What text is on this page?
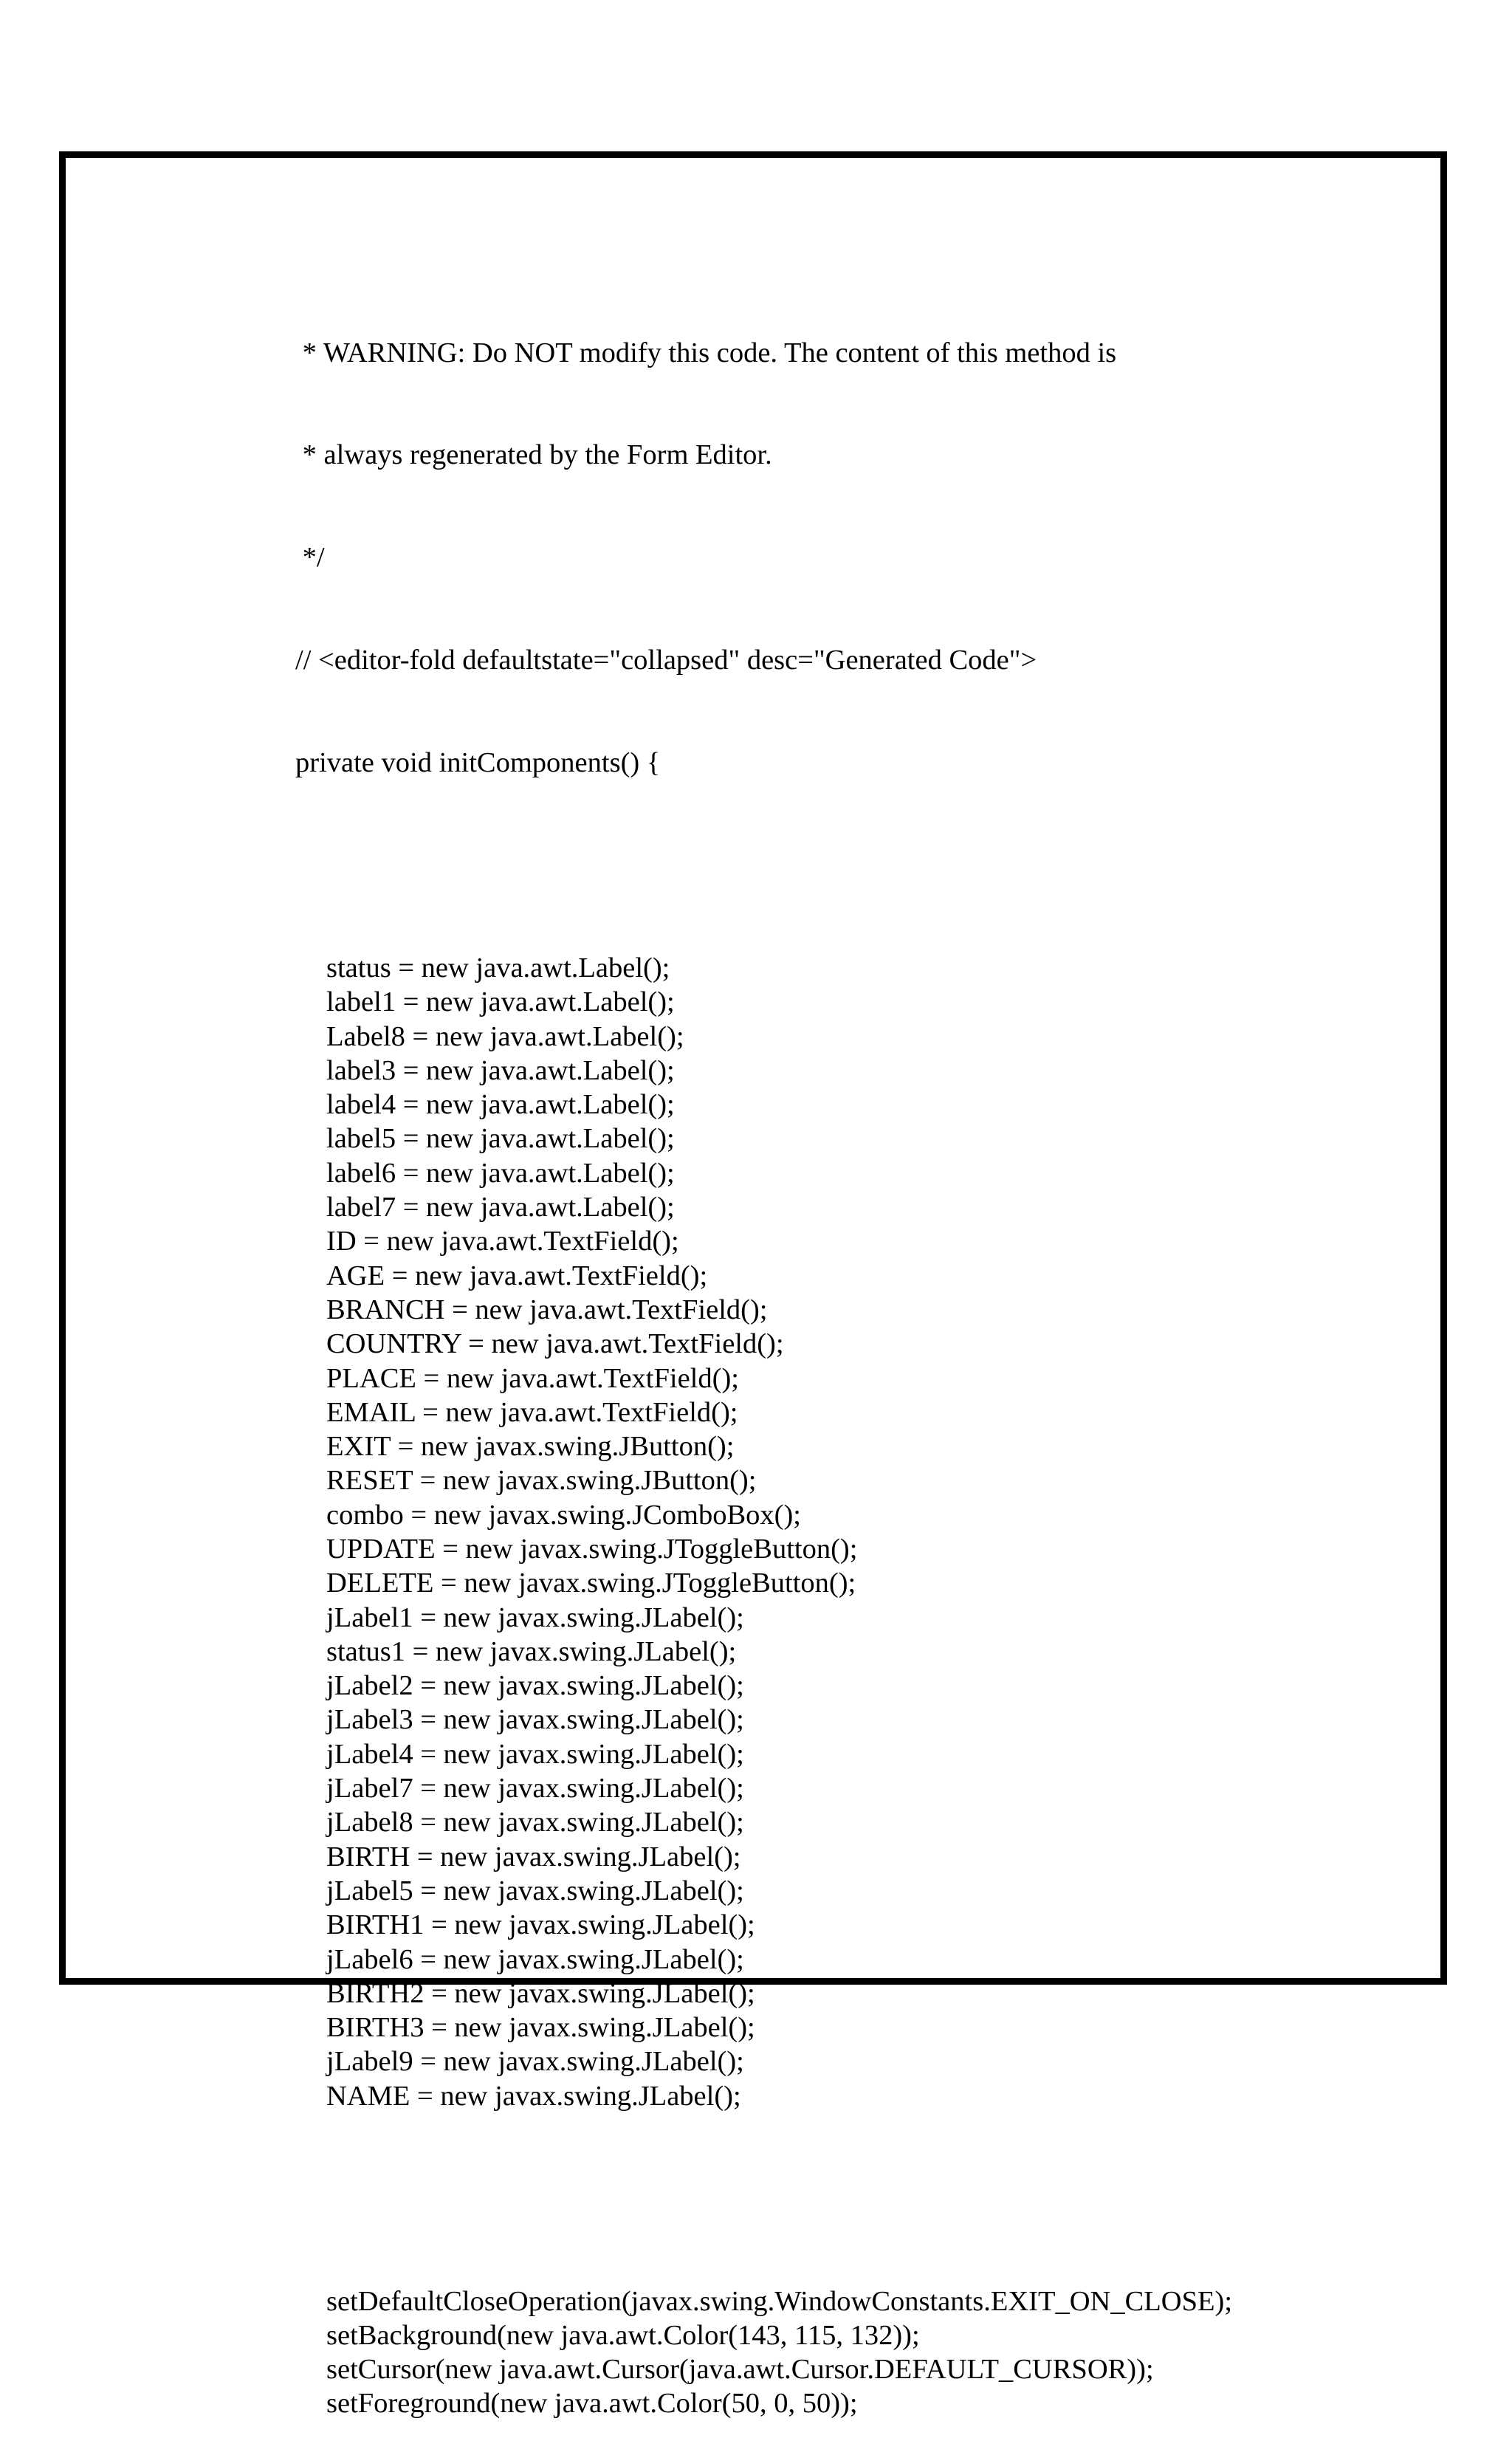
* WARNING: Do NOT modify this code. The content of this method is

* always regenerated by the Form Editor.

*/

// <editor-fold defaultstate="collapsed" desc="Generated Code">

private void initComponents() {

status = new java.awt.Label();
label1 = new java.awt.Label();
Label8 = new java.awt.Label();
label3 = new java.awt.Label();
label4 = new java.awt.Label();
label5 = new java.awt.Label();
label6 = new java.awt.Label();
label7 = new java.awt.Label();
ID = new java.awt.TextField();
AGE = new java.awt.TextField();
BRANCH = new java.awt.TextField();
COUNTRY = new java.awt.TextField();
PLACE = new java.awt.TextField();
EMAIL = new java.awt.TextField();
EXIT = new javax.swing.JButton();
RESET = new javax.swing.JButton();
combo = new javax.swing.JComboBox();
UPDATE = new javax.swing.JToggleButton();
DELETE = new javax.swing.JToggleButton();
jLabel1 = new javax.swing.JLabel();
status1 = new javax.swing.JLabel();
jLabel2 = new javax.swing.JLabel();
jLabel3 = new javax.swing.JLabel();
jLabel4 = new javax.swing.JLabel();
jLabel7 = new javax.swing.JLabel();
jLabel8 = new javax.swing.JLabel();
BIRTH = new javax.swing.JLabel();
jLabel5 = new javax.swing.JLabel();
BIRTH1 = new javax.swing.JLabel();
jLabel6 = new javax.swing.JLabel();
BIRTH2 = new javax.swing.JLabel();
BIRTH3 = new javax.swing.JLabel();
jLabel9 = new javax.swing.JLabel();
NAME = new javax.swing.JLabel();

setDefaultCloseOperation(javax.swing.WindowConstants.EXIT_ON_CLOSE);
setBackground(new java.awt.Color(143, 115, 132));
setCursor(new java.awt.Cursor(java.awt.Cursor.DEFAULT_CURSOR));
setForeground(new java.awt.Color(50, 0, 50));
